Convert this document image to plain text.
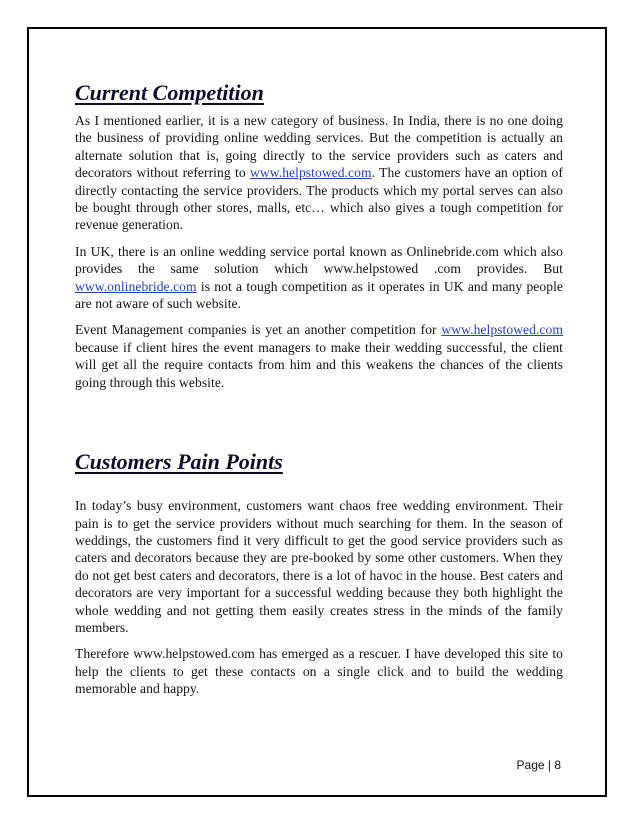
Current Competition

As I mentioned earlier, it is a new category of business. In India, there is no one doing the business of providing online wedding services. But the competition is actually an alternate solution that is, going directly to the service providers such as caters and decorators without referring to www.helpstowed.com. The customers have an option of directly contacting the service providers. The products which my portal serves can also be bought through other stores, malls, etc… which also gives a tough competition for revenue generation.

In UK, there is an online wedding service portal known as Onlinebride.com which also provides the same solution which www.helpstowed .com provides. But www.onlinebride.com is not a tough competition as it operates in UK and many people are not aware of such website.

Event Management companies is yet an another competition for www.helpstowed.com because if client hires the event managers to make their wedding successful, the client will get all the require contacts from him and this weakens the chances of the clients going through this website.

Customers Pain Points

In today’s busy environment, customers want chaos free wedding environment. Their pain is to get the service providers without much searching for them. In the season of weddings, the customers find it very difficult to get the good service providers such as caters and decorators because they are pre-booked by some other customers. When they do not get best caters and decorators, there is a lot of havoc in the house. Best caters and decorators are very important for a successful wedding because they both highlight the whole wedding and not getting them easily creates stress in the minds of the family members.

Therefore www.helpstowed.com has emerged as a rescuer. I have developed this site to help the clients to get these contacts on a single click and to build the wedding memorable and happy.

Page | 8
